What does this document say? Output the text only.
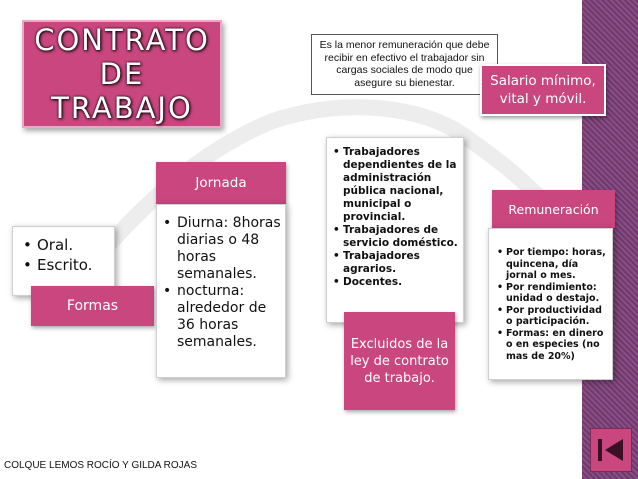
CONTRATO
DE TRABAJO
• Oral.
• Escrito.
Formas
Jornada
• Diurna: 8horas diarias o 48 horas semanales.
• nocturna: alrededor de 36 horas semanales.
• Trabajadores dependientes de la administración pública nacional, municipal o provincial.
• Trabajadores de servicio doméstico.
• Trabajadores agrarios.
• Docentes.
Excluidos de la ley de contrato de trabajo.
Remuneración
• Por tiempo: horas, quincena, día jornal o mes.
• Por rendimiento: unidad o destajo.
• Por productividad o participación.
• Formas: en dinero o en especies (no mas de 20%)
Es la menor remuneración que debe recibir en efectivo el trabajador sin cargas sociales de modo que asegure su bienestar.	Salario mínimo, vital y móvil.
COLQUE LEMOS ROCÍO Y GILDA ROJAS
